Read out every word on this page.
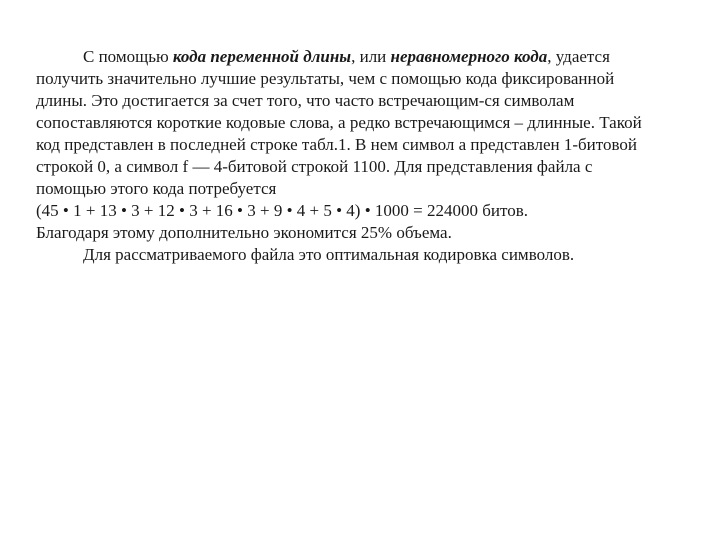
С помощью кода переменной длины, или неравномерного кода, удается
получить значительно лучшие результаты, чем с помощью кода фиксированной
длины. Это достигается за счет того, что часто встречающим-ся символам
сопоставляются короткие кодовые слова, а редко встречающимся – длинные. Такой
код представлен в последней строке табл.1. В нем символ а представлен 1-битовой
строкой 0, а символ f — 4-битовой строкой 1100. Для представления файла с
помощью этого кода потребуется
(45 • 1 + 13 • 3 + 12 • 3 + 16 • 3 + 9 • 4 + 5 • 4) • 1000 = 224000 битов.
Благодаря этому дополнительно экономится 25% объема.
Для рассматриваемого файла это оптимальная кодировка символов.
